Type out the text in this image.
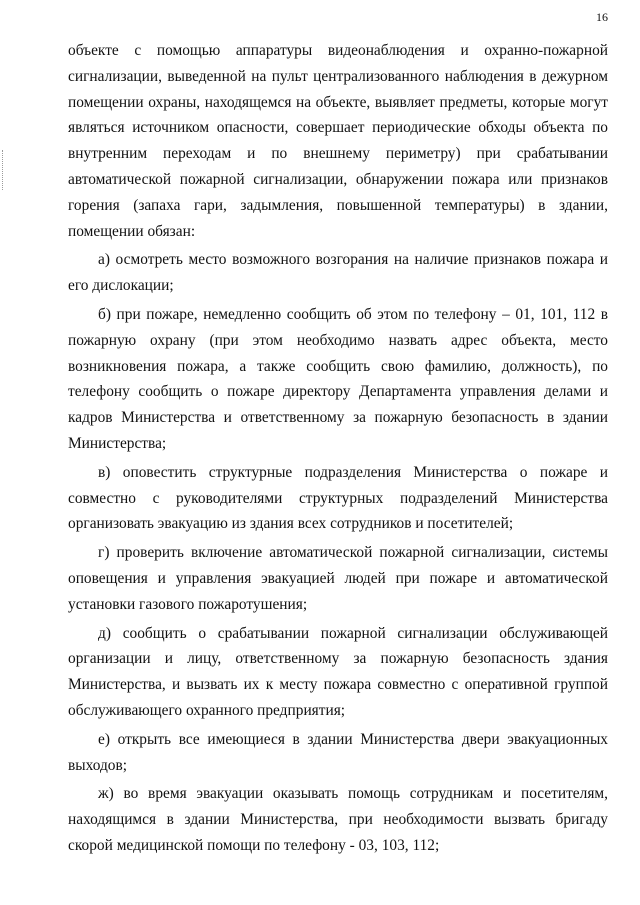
16

объекте с помощью аппаратуры видеонаблюдения и охранно-пожарной сигнализации, выведенной на пульт централизованного наблюдения в дежурном помещении охраны, находящемся на объекте, выявляет предметы, которые могут являться источником опасности, совершает периодические обходы объекта по внутренним переходам и по внешнему периметру) при срабатывании автоматической пожарной сигнализации, обнаружении пожара или признаков горения (запаха гари, задымления, повышенной температуры) в здании, помещении обязан:

а) осмотреть место возможного возгорания на наличие признаков пожара и его дислокации;

б) при пожаре, немедленно сообщить об этом по телефону – 01, 101, 112 в пожарную охрану (при этом необходимо назвать адрес объекта, место возникновения пожара, а также сообщить свою фамилию, должность), по телефону сообщить о пожаре директору Департамента управления делами и кадров Министерства и ответственному за пожарную безопасность в здании Министерства;

в) оповестить структурные подразделения Министерства о пожаре и совместно с руководителями структурных подразделений Министерства организовать эвакуацию из здания всех сотрудников и посетителей;

г) проверить включение автоматической пожарной сигнализации, системы оповещения и управления эвакуацией людей при пожаре и автоматической установки газового пожаротушения;

д) сообщить о срабатывании пожарной сигнализации обслуживающей организации и лицу, ответственному за пожарную безопасность здания Министерства, и вызвать их к месту пожара совместно с оперативной группой обслуживающего охранного предприятия;

е) открыть все имеющиеся в здании Министерства двери эвакуационных выходов;

ж) во время эвакуации оказывать помощь сотрудникам и посетителям, находящимся в здании Министерства, при необходимости вызвать бригаду скорой медицинской помощи по телефону - 03, 103, 112;
